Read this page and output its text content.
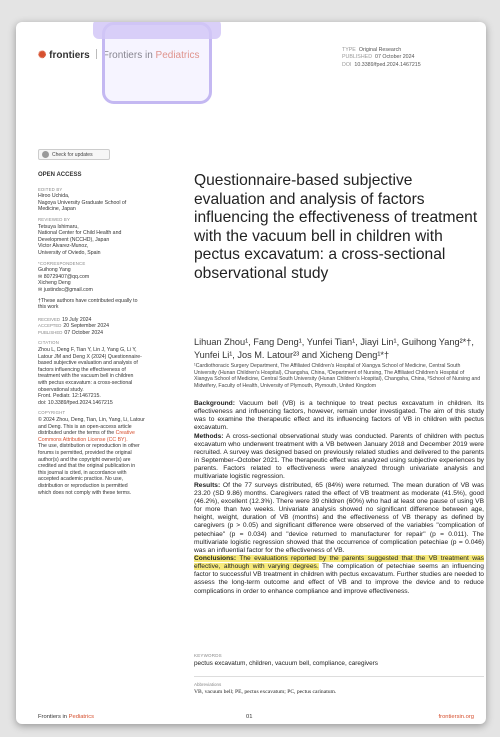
✺ frontiers Frontiers in Pediatrics	TYPE Original Research
PUBLISHED 07 October 2024
DOI 10.3389/fped.2024.1467215
Check for updates
OPEN ACCESS
EDITED BY
Hiroo Uchida,
Nagoya University Graduate School of
Medicine, Japan
REVIEWED BY
Tetsuya Ishimaru,
National Center for Child Health and
Development (NCCHD), Japan
Victor Alvarez-Munoz,
University of Oviedo, Spain
*CORRESPONDENCE
Guihong Yang
✉ 80729407@qq.com
Xicheng Deng
✉ justindxc@gmail.com
†These authors have contributed equally to
this work
RECEIVED 19 July 2024
ACCEPTED 20 September 2024
PUBLISHED 07 October 2024
CITATION
Zhou L, Deng F, Tian Y, Lin J, Yang G, Li Y,
Latour JM and Deng X (2024) Questionnaire-
based subjective evaluation and analysis of
factors influencing the effectiveness of
treatment with the vacuum bell in children
with pectus excavatum: a cross-sectional
observational study.
Front. Pediatr. 12:1467215.
doi: 10.3389/fped.2024.1467215
COPYRIGHT
© 2024 Zhou, Deng, Tian, Lin, Yang, Li, Latour
and Deng. This is an open-access article
distributed under the terms of the Creative Commons Attribution License (CC BY).
The use, distribution or reproduction in other
forums is permitted, provided the original
author(s) and the copyright owner(s) are
credited and that the original publication in
this journal is cited, in accordance with
accepted academic practice. No use,
distribution or reproduction is permitted
which does not comply with these terms.
Questionnaire-based subjective evaluation and analysis of factors influencing the effectiveness of treatment with the vacuum bell in children with pectus excavatum: a cross-sectional observational study
Lihuan Zhou¹, Fang Deng¹, Yunfei Tian¹, Jiayi Lin¹, Guihong Yang²*†, Yunfei Li¹, Jos M. Latour²³ and Xicheng Deng¹*†
¹Cardiothoracic Surgery Department, The Affiliated Children's Hospital of Xiangya School of Medicine, Central South University (Hunan Children's Hospital), Changsha, China, ²Department of Nursing, The Affiliated Children's Hospital of Xiangya School of Medicine, Central South University (Hunan Children's Hospital), Changsha, China, ³School of Nursing and Midwifery, Faculty of Health, University of Plymouth, Plymouth, United Kingdom

Background: Vacuum bell (VB) is a technique to treat pectus excavatum in children. Its effectiveness and influencing factors, however, remain under investigated. The aim of this study was to examine the therapeutic effect and its influencing factors of VB in children with pectus excavatum.

Methods: A cross-sectional observational study was conducted. Parents of children with pectus excavatum who underwent treatment with a VB between January 2018 and December 2019 were recruited. A survey was designed based on previously related studies and delivered to the parents in September–October 2021. The therapeutic effect was analyzed using subjective experiences by parents. Factors related to effectiveness were analyzed through univariate analysis and multivariate logistic regression.

Results: Of the 77 surveys distributed, 65 (84%) were returned. The mean duration of VB was 23.20 (SD 9.86) months. Caregivers rated the effect of VB treatment as moderate (41.5%), good (46.2%), excellent (12.3%). There were 39 children (60%) who had at least one pause of using VB for more than two weeks. Univariate analysis showed no significant difference between age, height, weight, duration of VB (months) and the effectiveness of VB therapy as defined by caregivers (p > 0.05) and significant difference were observed of the variables "complication of petechiae" (p = 0.034) and "device returned to manufacturer for repair" (p = 0.011). The multivariate logistic regression showed that the occurrence of complication petechiae (p = 0.046) was an influential factor for the effectiveness of VB.

Conclusions: The evaluations reported by the parents suggested that the VB treatment was effective, although with varying degrees. The complication of petechiae seems an influencing factor to successful VB treatment in children with pectus excavatum. Further studies are needed to assess the long-term outcome and effect of VB and to improve the device and to reduce complications in order to enhance compliance and improve effectiveness.

KEYWORDS
pectus excavatum, children, vacuum bell, compliance, caregivers
Abbreviations
VB, vacuum bell; PE, pectus excavatum; PC, pectus carinatum.
Frontiers in Pediatrics	01	frontiersin.org
